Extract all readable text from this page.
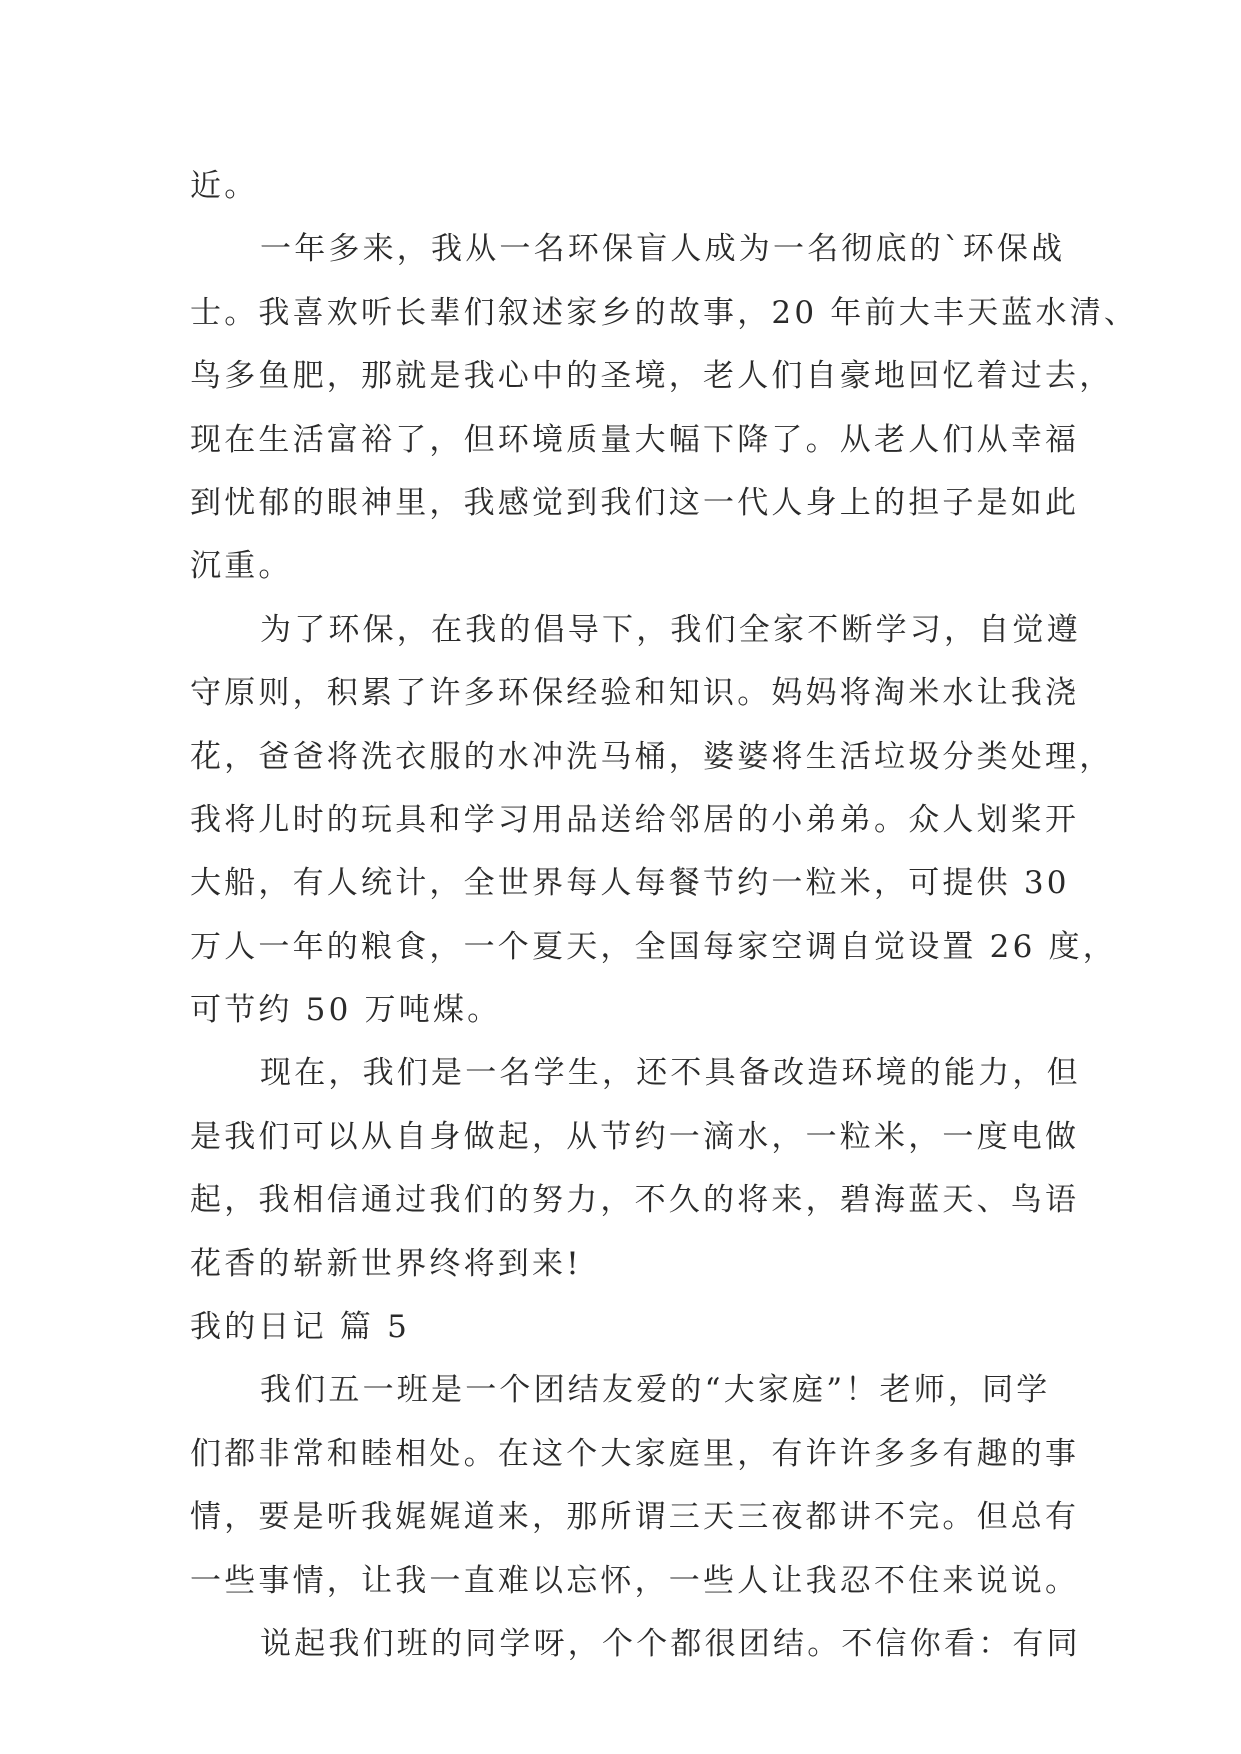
近。
一年多来，我从一名环保盲人成为一名彻底的`环保战
士。我喜欢听长辈们叙述家乡的故事，20 年前大丰天蓝水清、
鸟多鱼肥，那就是我心中的圣境，老人们自豪地回忆着过去，
现在生活富裕了，但环境质量大幅下降了。从老人们从幸福
到忧郁的眼神里，我感觉到我们这一代人身上的担子是如此
沉重。
为了环保，在我的倡导下，我们全家不断学习，自觉遵
守原则，积累了许多环保经验和知识。妈妈将淘米水让我浇
花，爸爸将洗衣服的水冲洗马桶，婆婆将生活垃圾分类处理，
我将儿时的玩具和学习用品送给邻居的小弟弟。众人划桨开
大船，有人统计，全世界每人每餐节约一粒米，可提供 30
万人一年的粮食，一个夏天，全国每家空调自觉设置 26 度，
可节约 50 万吨煤。
现在，我们是一名学生，还不具备改造环境的能力，但
是我们可以从自身做起，从节约一滴水，一粒米，一度电做
起，我相信通过我们的努力，不久的将来，碧海蓝天、鸟语
花香的崭新世界终将到来!
我的日记 篇 5
我们五一班是一个团结友爱的“大家庭”！老师，同学
们都非常和睦相处。在这个大家庭里，有许许多多有趣的事
情，要是听我娓娓道来，那所谓三天三夜都讲不完。但总有
一些事情，让我一直难以忘怀，一些人让我忍不住来说说。
说起我们班的同学呀，个个都很团结。不信你看：有同
